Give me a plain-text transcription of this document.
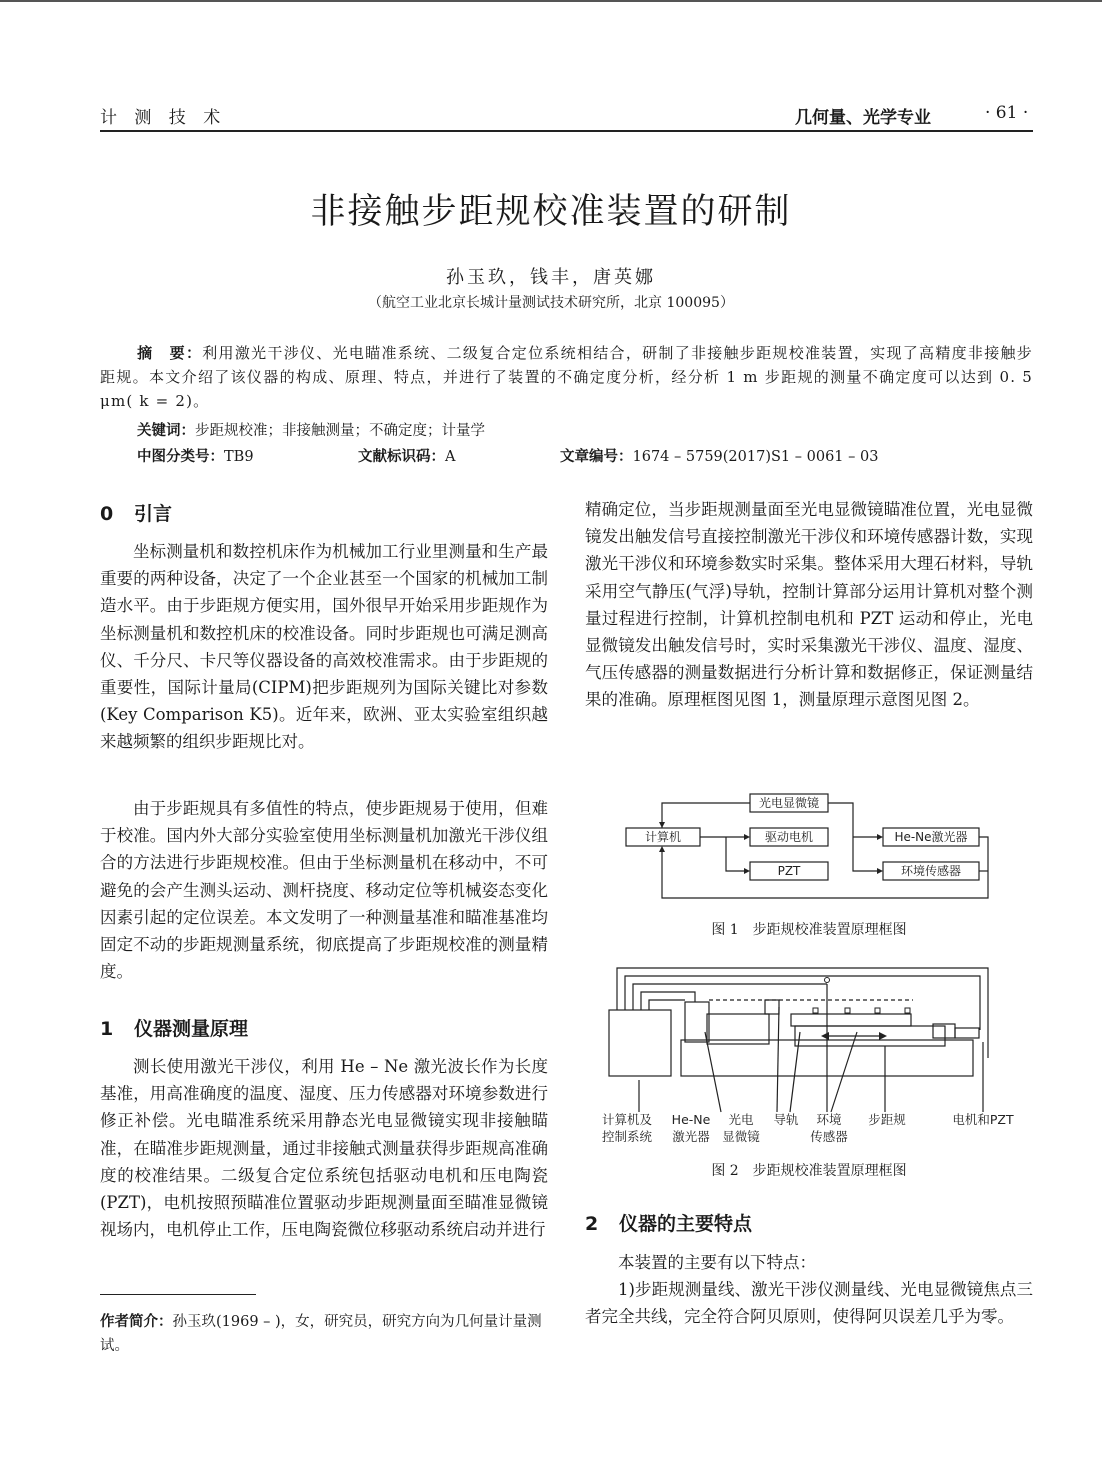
计 测 技 术	几何量、光学专业	· 61 ·
非接触步距规校准装置的研制
孙玉玖，钱丰，唐英娜
（航空工业北京长城计量测试技术研究所，北京 100095）
摘　要：利用激光干涉仪、光电瞄准系统、二级复合定位系统相结合，研制了非接触步距规校准装置，实现了高精度非接触步距规。本文介绍了该仪器的构成、原理、特点，并进行了装置的不确定度分析，经分析 1 m 步距规的测量不确定度可以达到 0. 5 μm( k = 2)。
关键词：步距规校准；非接触测量；不确定度；计量学
中图分类号：TB9	文献标识码：A	文章编号：1674 – 5759(2017)S1 – 0061 – 03
0 引言
坐标测量机和数控机床作为机械加工行业里测量和生产最重要的两种设备，决定了一个企业甚至一个国家的机械加工制造水平。由于步距规方便实用，国外很早开始采用步距规作为坐标测量机和数控机床的校准设备。同时步距规也可满足测高仪、千分尺、卡尺等仪器设备的高效校准需求。由于步距规的重要性，国际计量局(CIPM)把步距规列为国际关键比对参数(Key Comparison K5)。近年来，欧洲、亚太实验室组织越来越频繁的组织步距规比对。
由于步距规具有多值性的特点，使步距规易于使用，但难于校准。国内外大部分实验室使用坐标测量机加激光干涉仪组合的方法进行步距规校准。但由于坐标测量机在移动中，不可避免的会产生测头运动、测杆挠度、移动定位等机械姿态变化因素引起的定位误差。本文发明了一种测量基准和瞄准基准均固定不动的步距规测量系统，彻底提高了步距规校准的测量精度。
1 仪器测量原理
测长使用激光干涉仪，利用 He – Ne 激光波长作为长度基准，用高准确度的温度、湿度、压力传感器对环境参数进行修正补偿。光电瞄准系统采用静态光电显微镜实现非接触瞄准，在瞄准步距规测量，通过非接触式测量获得步距规高准确度的校准结果。二级复合定位系统包括驱动电机和压电陶瓷(PZT)，电机按照预瞄准位置驱动步距规测量面至瞄准显微镜视场内，电机停止工作，压电陶瓷微位移驱动系统启动并进行
作者简介：孙玉玖(1969 – )，女，研究员，研究方向为几何量计量测试。
精确定位，当步距规测量面至光电显微镜瞄准位置，光电显微镜发出触发信号直接控制激光干涉仪和环境传感器计数，实现激光干涉仪和环境参数实时采集。整体采用大理石材料，导轨采用空气静压(气浮)导轨，控制计算部分运用计算机对整个测量过程进行控制，计算机控制电机和 PZT 运动和停止，光电显微镜发出触发信号时，实时采集激光干涉仪、温度、湿度、气压传感器的测量数据进行分析计算和数据修正，保证测量结果的准确。原理框图见图 1，测量原理示意图见图 2。
光电显微镜
计算机	驱动电机
PZT
He-Ne激光器
环境传感器
图 1　步距规校准装置原理框图
计算机及
控制系统
He-Ne
激光器
光电
显微镜
导轨 环境
传感器
步距规	电机和PZT
图 2　步距规校准装置原理框图
2 仪器的主要特点
本装置的主要有以下特点：
1)步距规测量线、激光干涉仪测量线、光电显微镜焦点三者完全共线，完全符合阿贝原则，使得阿贝误差几乎为零。
